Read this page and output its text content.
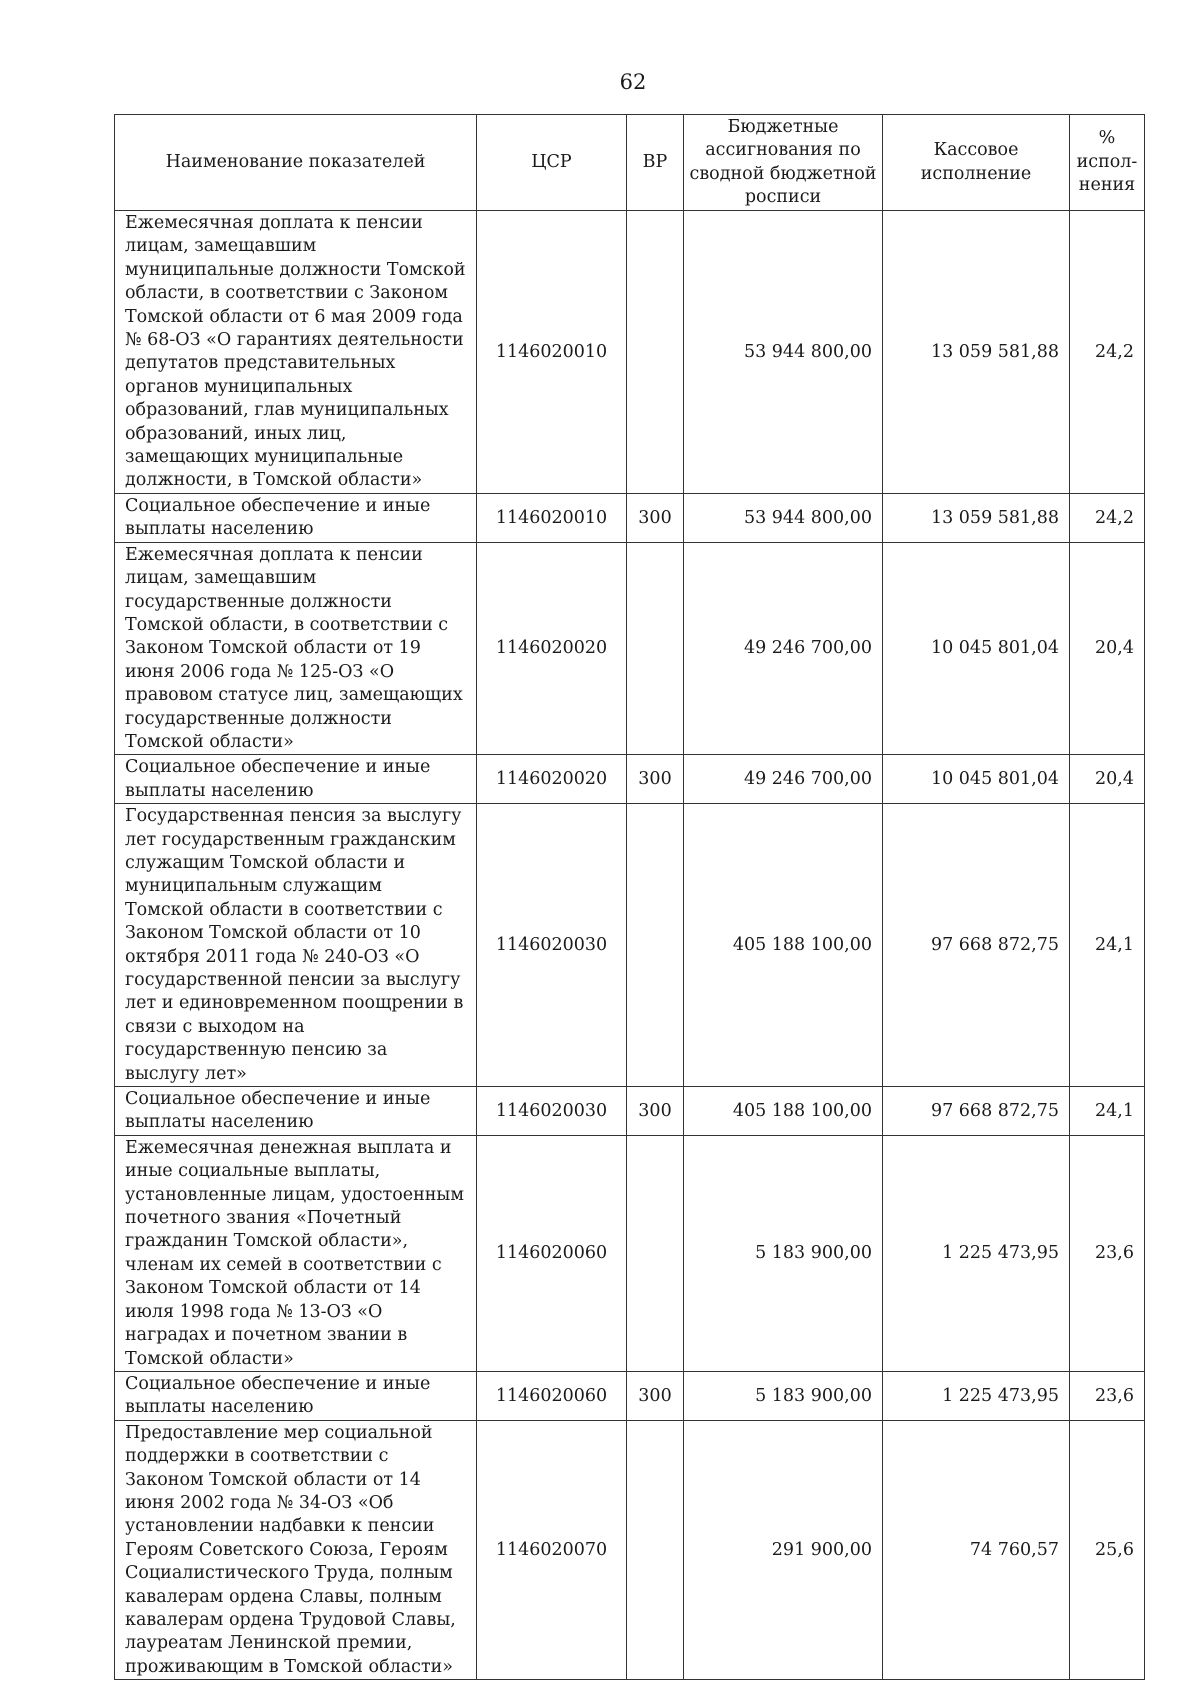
62
Наименование показателей	ЦСР	ВР	Бюджетные ассигнования по сводной бюджетной росписи	Кассовое исполнение	% испол-нения
Ежемесячная доплата к пенсии лицам, замещавшим муниципальные должности Томской области, в соответствии с Законом Томской области от 6 мая 2009 года № 68-ОЗ «О гарантиях деятельности депутатов представительных органов муниципальных образований, глав муниципальных образований, иных лиц, замещающих муниципальные должности, в Томской области»	1146020010		53 944 800,00	13 059 581,88	24,2
Социальное обеспечение и иные выплаты населению	1146020010	300	53 944 800,00	13 059 581,88	24,2
Ежемесячная доплата к пенсии лицам, замещавшим государственные должности Томской области, в соответствии с Законом Томской области от 19 июня 2006 года № 125-ОЗ «О правовом статусе лиц, замещающих государственные должности Томской области»	1146020020		49 246 700,00	10 045 801,04	20,4
Социальное обеспечение и иные выплаты населению	1146020020	300	49 246 700,00	10 045 801,04	20,4
Государственная пенсия за выслугу лет государственным гражданским служащим Томской области и муниципальным служащим Томской области в соответствии с Законом Томской области от 10 октября 2011 года № 240-ОЗ «О государственной пенсии за выслугу лет и единовременном поощрении в связи с выходом на государственную пенсию за выслугу лет»	1146020030		405 188 100,00	97 668 872,75	24,1
Социальное обеспечение и иные выплаты населению	1146020030	300	405 188 100,00	97 668 872,75	24,1
Ежемесячная денежная выплата и иные социальные выплаты, установленные лицам, удостоенным почетного звания «Почетный гражданин Томской области», членам их семей в соответствии с Законом Томской области от 14 июля 1998 года № 13-ОЗ «О наградах и почетном звании в Томской области»	1146020060		5 183 900,00	1 225 473,95	23,6
Социальное обеспечение и иные выплаты населению	1146020060	300	5 183 900,00	1 225 473,95	23,6
Предоставление мер социальной поддержки в соответствии с Законом Томской области от 14 июня 2002 года № 34-ОЗ «Об установлении надбавки к пенсии Героям Советского Союза, Героям Социалистического Труда, полным кавалерам ордена Славы, полным кавалерам ордена Трудовой Славы, лауреатам Ленинской премии, проживающим в Томской области»	1146020070		291 900,00	74 760,57	25,6
